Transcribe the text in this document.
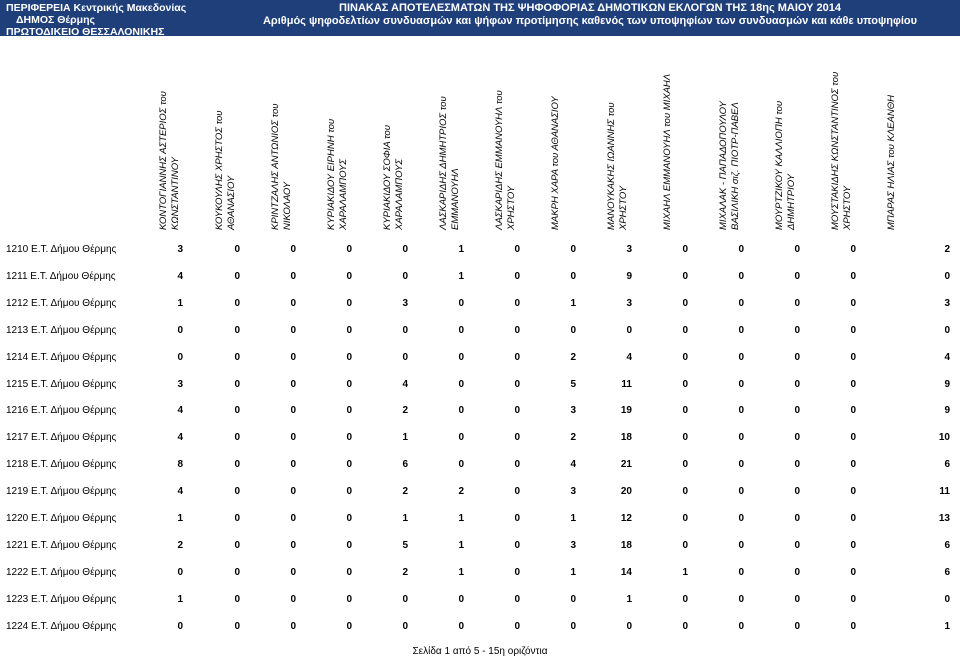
ΠΕΡΙΦΕΡΕΙΑ Κεντρικής Μακεδονίας
ΔΗΜΟΣ Θέρμης
ΠΡΩΤΟΔΙΚΕΙΟ ΘΕΣΣΑΛΟΝΙΚΗΣ
ΠΙΝΑΚΑΣ ΑΠΟΤΕΛΕΣΜΑΤΩΝ ΤΗΣ ΨΗΦΟΦΟΡΙΑΣ ΔΗΜΟΤΙΚΩΝ ΕΚΛΟΓΩΝ ΤΗΣ 18ης ΜΑΙΟΥ 2014
Αριθμός ψηφοδελτίων συνδυασμών και ψήφων προτίμησης καθενός των υποψηφίων των συνδυασμών και κάθε υποψηφίου
ΚΟΝΤΟΓΙΑΝΝΗΣ ΑΣΤΕΡΙΟΣ του ΚΩΝΣΤΑΝΤΙΝΟΥ	ΚΟΥΚΟΥΛΗΣ ΧΡΗΣΤΟΣ του ΑΘΑΝΑΣΙΟΥ	ΚΡΙΝΤΖΑΛΗΣ ΑΝΤΩΝΙΟΣ του ΝΙΚΟΛΑΟΥ	ΚΥΡΙΑΚΙΔΟΥ ΕΙΡΗΝΗ του ΧΑΡΑΛΑΜΠΟΥΣ	ΚΥΡΙΑΚΙΔΟΥ ΣΟΦΙΑ του ΧΑΡΑΛΑΜΠΟΥΣ	ΛΑΣΚΑΡΙΔΗΣ ΔΗΜΗΤΡΙΟΣ του ΕΜΜΑΝΟΥΗΛ	ΛΑΣΚΑΡΙΔΗΣ ΕΜΜΑΝΟΥΗΛ του ΧΡΗΣΤΟΥ	ΜΑΚΡΗ ΧΑΡΑ του ΑΘΑΝΑΣΙΟΥ	ΜΑΝΟΥΚΑΚΗΣ ΙΩΑΝΝΗΣ του ΧΡΗΣΤΟΥ	ΜΙΧΑΗΛ ΕΜΜΑΝΟΥΗΛ του ΜΙΧΑΗΛ	ΜΙΧΑΛΑΚ - ΠΑΠΑΔΟΠΟΥΛΟΥ ΒΑΣΙΛΙΚΗ σιζ. ΠΙΟΤΡ-ΠΑΒΕΛ	ΜΟΥΡΤΖΙΚΟΥ ΚΑΛΛΙΟΠΗ του ΔΗΜΗΤΡΙΟΥ	ΜΟΥΣΤΑΚΙΔΗΣ ΚΩΝΣΤΑΝΤΙΝΟΣ του ΧΡΗΣΤΟΥ	ΜΠΑΡΑΣ ΗΛΙΑΣ του ΚΛΕΑΝΘΗ
1210 Ε.Τ. Δήμου Θέρμης	3	0	0	0	0	1	0	0	3	0	0	0	0	2
1211 Ε.Τ. Δήμου Θέρμης	4	0	0	0	0	1	0	0	9	0	0	0	0	0
1212 Ε.Τ. Δήμου Θέρμης	1	0	0	0	3	0	0	1	3	0	0	0	0	3
1213 Ε.Τ. Δήμου Θέρμης	0	0	0	0	0	0	0	0	0	0	0	0	0	0
1214 Ε.Τ. Δήμου Θέρμης	0	0	0	0	0	0	0	2	4	0	0	0	0	4
1215 Ε.Τ. Δήμου Θέρμης	3	0	0	0	4	0	0	5	11	0	0	0	0	9
1216 Ε.Τ. Δήμου Θέρμης	4	0	0	0	2	0	0	3	19	0	0	0	0	9
1217 Ε.Τ. Δήμου Θέρμης	4	0	0	0	1	0	0	2	18	0	0	0	0	10
1218 Ε.Τ. Δήμου Θέρμης	8	0	0	0	6	0	0	4	21	0	0	0	0	6
1219 Ε.Τ. Δήμου Θέρμης	4	0	0	0	2	2	0	3	20	0	0	0	0	11
1220 Ε.Τ. Δήμου Θέρμης	1	0	0	0	1	1	0	1	12	0	0	0	0	13
1221 Ε.Τ. Δήμου Θέρμης	2	0	0	0	5	1	0	3	18	0	0	0	0	6
1222 Ε.Τ. Δήμου Θέρμης	0	0	0	0	2	1	0	1	14	1	0	0	0	6
1223 Ε.Τ. Δήμου Θέρμης	1	0	0	0	0	0	0	0	1	0	0	0	0	0
1224 Ε.Τ. Δήμου Θέρμης	0	0	0	0	0	0	0	0	0	0	0	0	0	1
Σελίδα 1 από 5 - 15η οριζόντια
